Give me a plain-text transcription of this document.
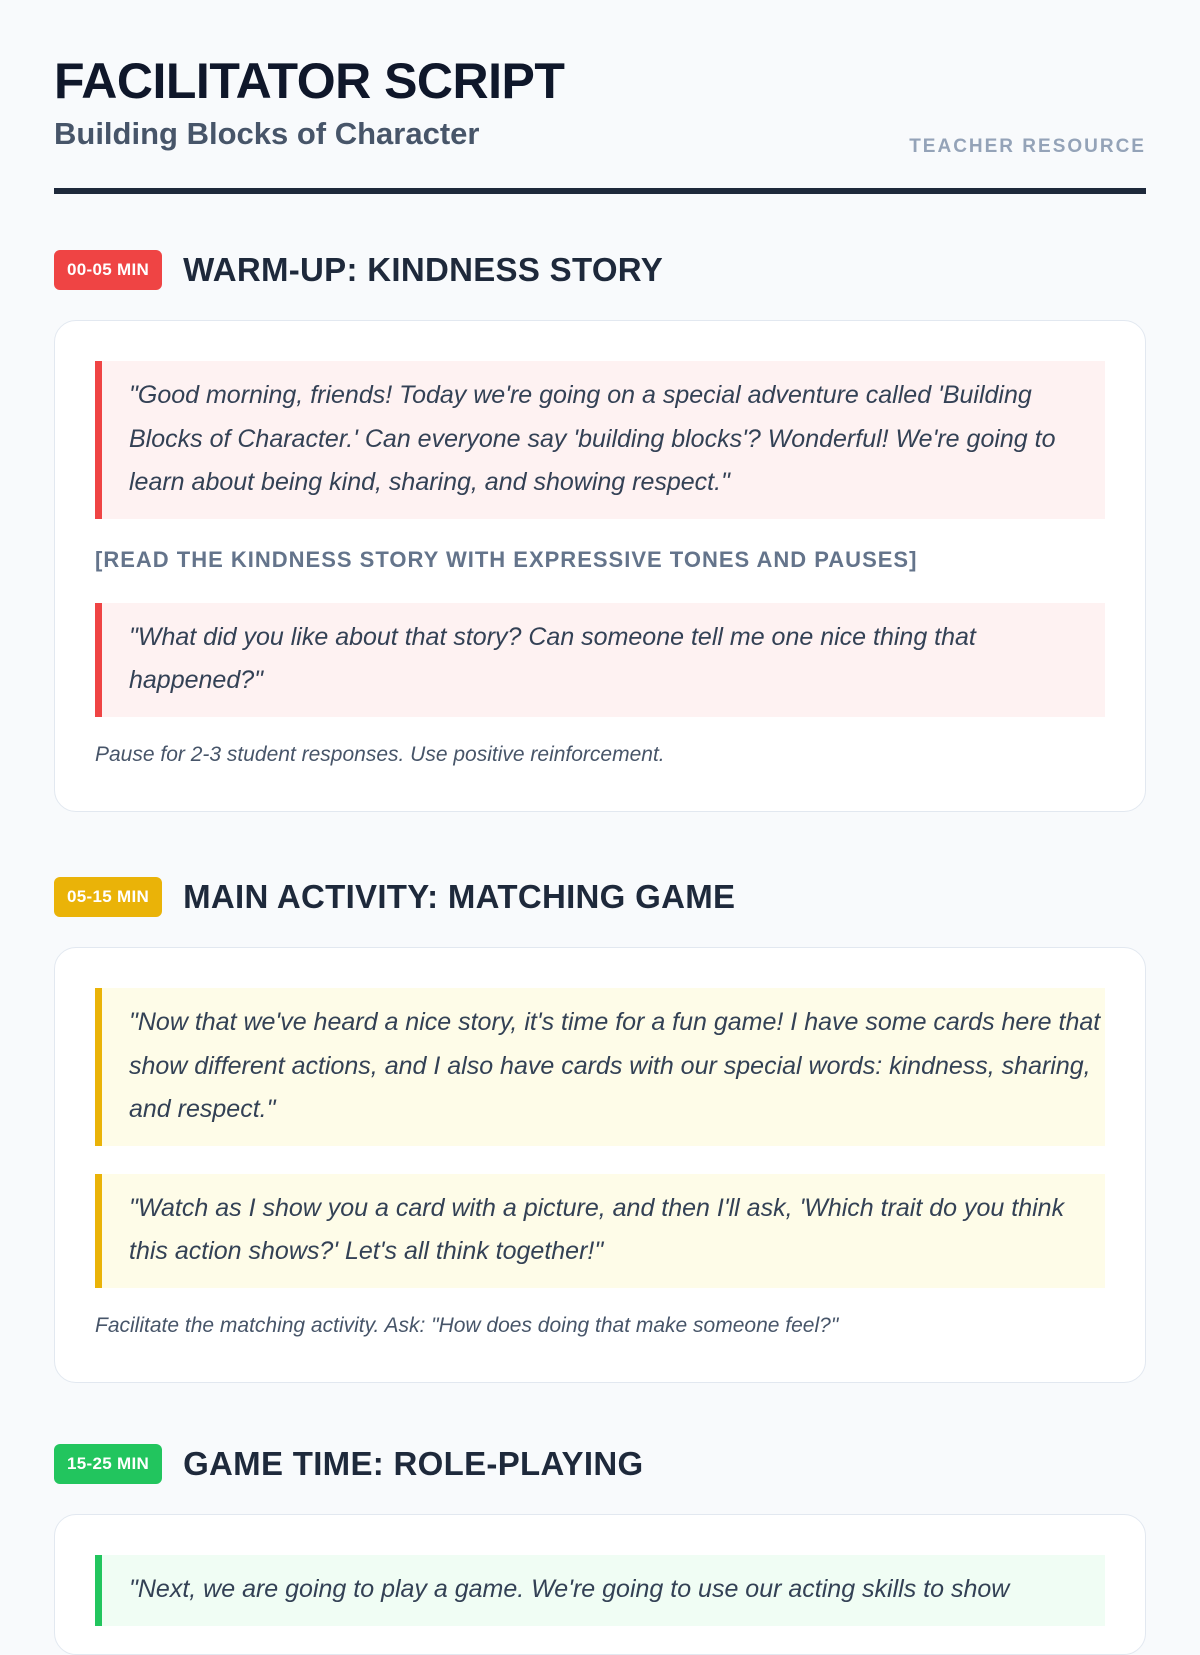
FACILITATOR SCRIPT
Building Blocks of Character	TEACHER RESOURCE
00-05 MIN	WARM-UP: KINDNESS STORY
"Good morning, friends! Today we're going on a special adventure called 'Building Blocks of Character.' Can everyone say 'building blocks'? Wonderful! We're going to learn about being kind, sharing, and showing respect."
[READ THE KINDNESS STORY WITH EXPRESSIVE TONES AND PAUSES]
"What did you like about that story? Can someone tell me one nice thing that happened?"
Pause for 2-3 student responses. Use positive reinforcement.
05-15 MIN	MAIN ACTIVITY: MATCHING GAME
"Now that we've heard a nice story, it's time for a fun game! I have some cards here that show different actions, and I also have cards with our special words: kindness, sharing, and respect."
"Watch as I show you a card with a picture, and then I'll ask, 'Which trait do you think this action shows?' Let's all think together!"
Facilitate the matching activity. Ask: "How does doing that make someone feel?"
15-25 MIN	GAME TIME: ROLE-PLAYING
"Next, we are going to play a game. We're going to use our acting skills to show
